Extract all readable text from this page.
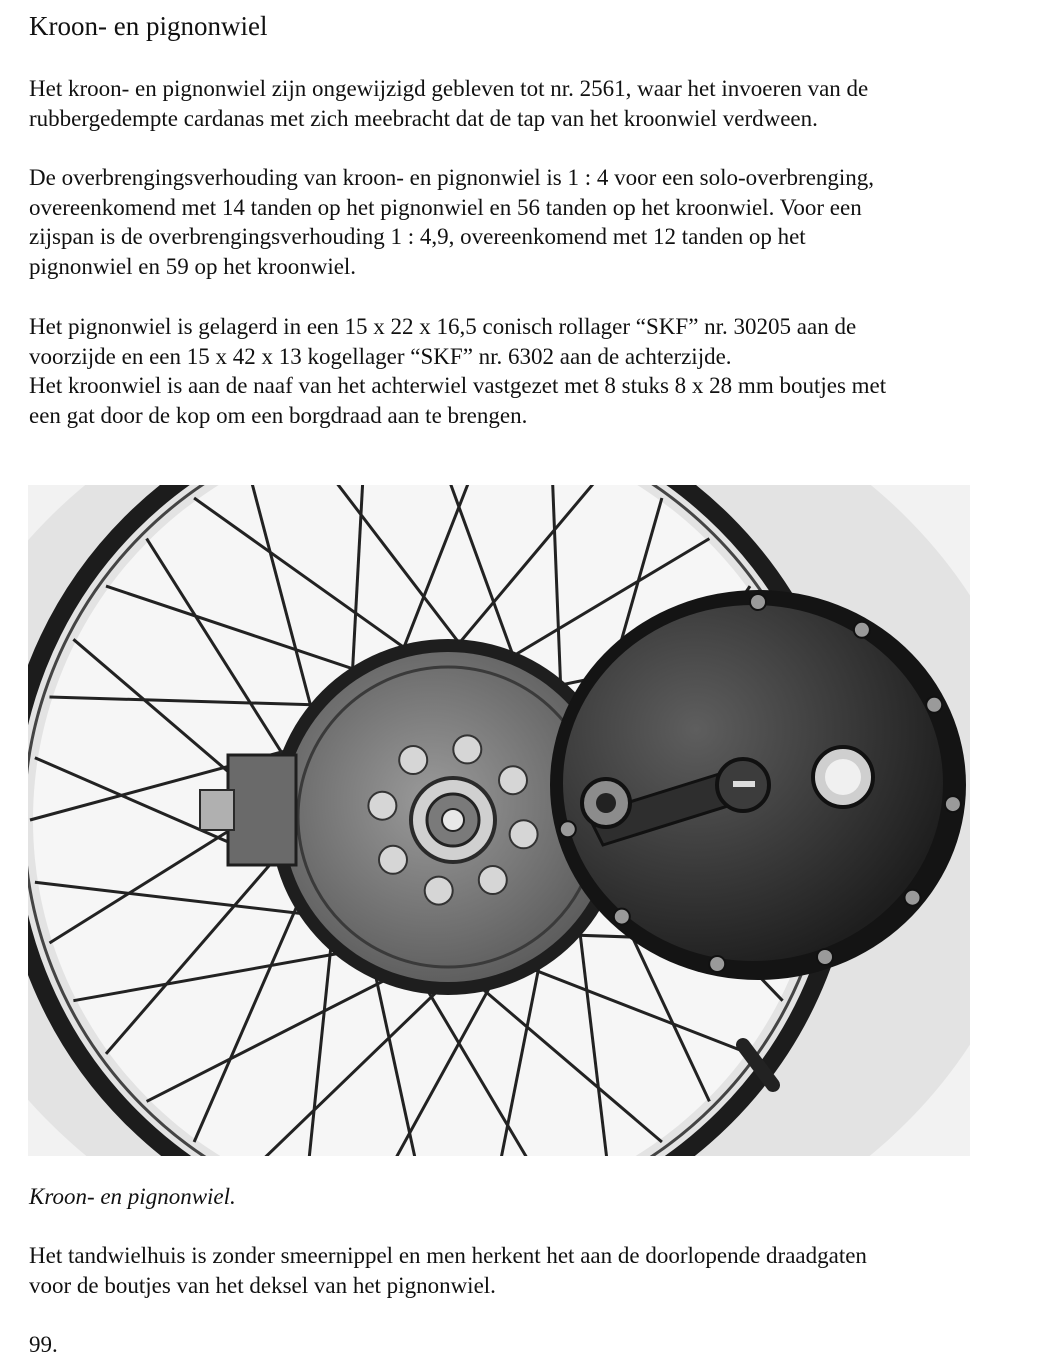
Kroon- en pignonwiel

Het kroon- en pignonwiel zijn ongewijzigd gebleven tot nr. 2561, waar het invoeren van de
rubbergedempte cardanas met zich meebracht dat de tap van het kroonwiel verdween.

De overbrengingsverhouding van kroon- en pignonwiel is 1 : 4 voor een solo-overbrenging,
overeenkomend met 14 tanden op het pignonwiel en 56 tanden op het kroonwiel. Voor een
zijspan is de overbrengingsverhouding 1 : 4,9, overeenkomend met 12 tanden op het
pignonwiel en 59 op het kroonwiel.

Het pignonwiel is gelagerd in een 15 x 22 x 16,5 conisch rollager “SKF” nr. 30205 aan de
voorzijde en een 15 x 42 x 13 kogellager “SKF” nr. 6302 aan de achterzijde.
Het kroonwiel is aan de naaf van het achterwiel vastgezet met 8 stuks 8 x 28 mm boutjes met
een gat door de kop om een borgdraad aan te brengen.

Kroon- en pignonwiel.

Het tandwielhuis is zonder smeernippel en men herkent het aan de doorlopende draadgaten
voor de boutjes van het deksel van het pignonwiel.

99.
